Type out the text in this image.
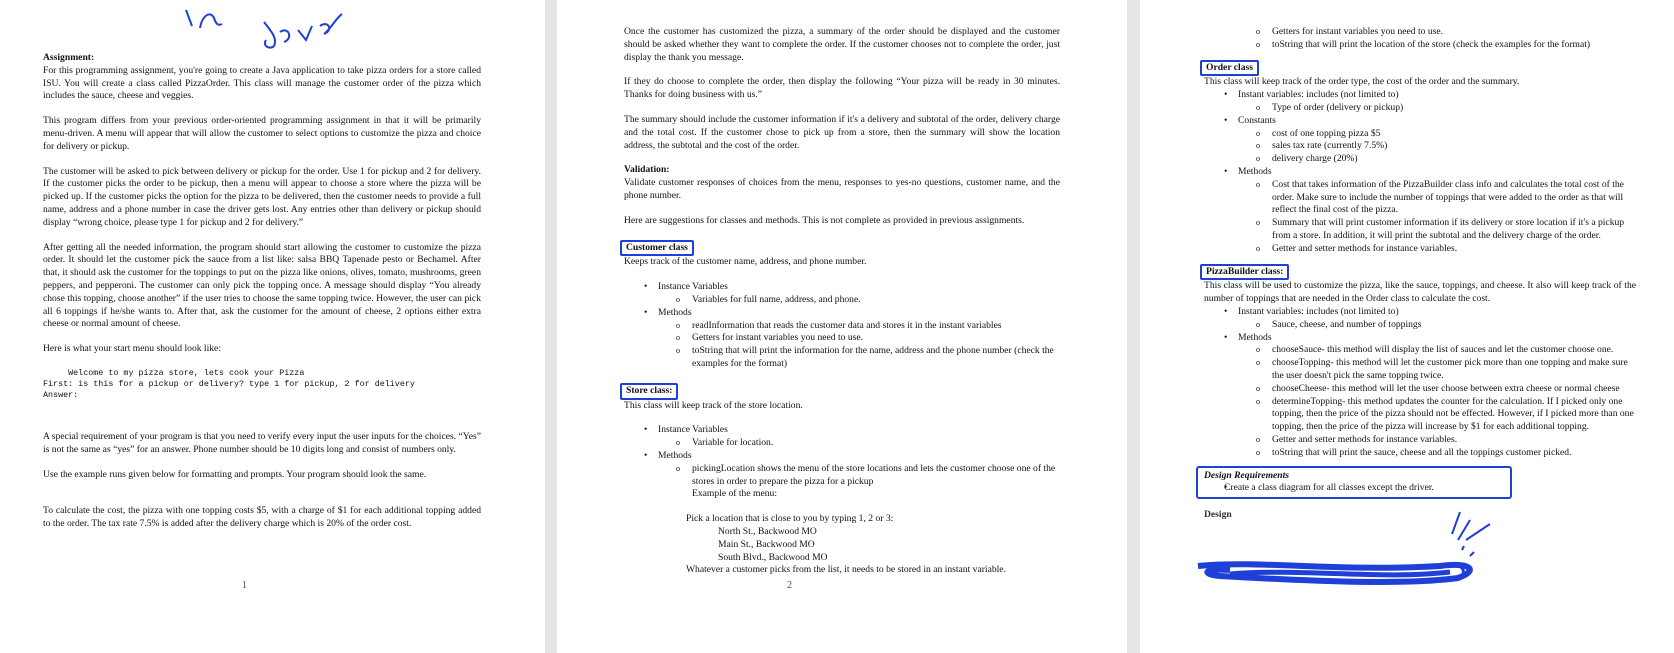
Assignment:

For this programming assignment, you're going to create a Java application to take pizza orders for a store called ISU. You will create a class called PizzaOrder. This class will manage the customer order of the pizza which includes the sauce, cheese and veggies.

This program differs from your previous order-oriented programming assignment in that it will be primarily menu-driven. A menu will appear that will allow the customer to select options to customize the pizza and choice for delivery or pickup.

The customer will be asked to pick between delivery or pickup for the order. Use 1 for pickup and 2 for delivery. If the customer picks the order to be pickup, then a menu will appear to choose a store where the pizza will be picked up. If the customer picks the option for the pizza to be delivered, then the customer needs to provide a full name, address and a phone number in case the driver gets lost. Any entries other than delivery or pickup should display “wrong choice, please type 1 for pickup and 2 for delivery.”

After getting all the needed information, the program should start allowing the customer to customize the pizza order. It should let the customer pick the sauce from a list like: salsa BBQ Tapenade pesto or Bechamel. After that, it should ask the customer for the toppings to put on the pizza like onions, olives, tomato, mushrooms, green peppers, and pepperoni. The customer can only pick the topping once. A message should display “You already chose this topping, choose another” if the user tries to choose the same topping twice. However, the user can pick all 6 toppings if he/she wants to. After that, ask the customer for the amount of cheese, 2 options either extra cheese or normal amount of cheese.

Here is what your start menu should look like:

Welcome to my pizza store, lets cook your Pizza
First: is this for a pickup or delivery? type 1 for pickup, 2 for delivery
Answer:

A special requirement of your program is that you need to verify every input the user inputs for the choices. “Yes” is not the same as “yes” for an answer. Phone number should be 10 digits long and consist of numbers only.

Use the example runs given below for formatting and prompts. Your program should look the same.

To calculate the cost, the pizza with one topping costs $5, with a charge of $1 for each additional topping added to the order. The tax rate 7.5% is added after the delivery charge which is 20% of the order cost.

1

Once the customer has customized the pizza, a summary of the order should be displayed and the customer should be asked whether they want to complete the order. If the customer chooses not to complete the order, just display the thank you message.

If they do choose to complete the order, then display the following “Your pizza will be ready in 30 minutes. Thanks for doing business with us.”

The summary should include the customer information if it's a delivery and subtotal of the order, delivery charge and the total cost. If the customer chose to pick up from a store, then the summary will show the location address, the subtotal and the cost of the order.

Validation:

Validate customer responses of choices from the menu, responses to yes-no questions, customer name, and the phone number.

Here are suggestions for classes and methods. This is not complete as provided in previous assignments.

Customer class

Keeps track of the customer name, address, and phone number.

• Instance Variables
o Variables for full name, address, and phone.
• Methods
o readInformation that reads the customer data and stores it in the instant variables
o Getters for instant variables you need to use.
o toString that will print the information for the name, address and the phone number (check the examples for the format)
Store class:

This class will keep track of the store location.

• Instance Variables
o Variable for location.
• Methods
o pickingLocation shows the menu of the store locations and lets the customer choose one of the stores in order to prepare the pizza for a pickup
Example of the menu:
Pick a location that is close to you by typing 1, 2 or 3:
North St., Backwood MO
Main St., Backwood MO
South Blvd., Backwood MO
Whatever a customer picks from the list, it needs to be stored in an instant variable.
2
o Getters for instant variables you need to use.
o toString that will print the location of the store (check the examples for the format)
Order class

This class will keep track of the order type, the cost of the order and the summary.

• Instant variables: includes (not limited to)
o Type of order (delivery or pickup)
• Constants
o cost of one topping pizza $5
o sales tax rate (currently 7.5%)
o delivery charge (20%)
• Methods
o Cost that takes information of the PizzaBuilder class info and calculates the total cost of the order. Make sure to include the number of toppings that were added to the order as that will reflect the final cost of the pizza.
o Summary that will print customer information if its delivery or store location if it's a pickup from a store. In addition, it will print the subtotal and the delivery charge of the order.
o Getter and setter methods for instance variables.
PizzaBuilder class:

This class will be used to customize the pizza, like the sauce, toppings, and cheese. It also will keep track of the number of toppings that are needed in the Order class to calculate the cost.

• Instant variables: includes (not limited to)
o Sauce, cheese, and number of toppings
• Methods
o chooseSauce- this method will display the list of sauces and let the customer choose one.
o chooseTopping- this method will let the customer pick more than one topping and make sure the user doesn't pick the same topping twice.
o chooseCheese- this method will let the user choose between extra cheese or normal cheese
o determineTopping- this method updates the counter for the calculation. If I picked only one topping, then the price of the pizza should not be effected. However, if I picked more than one topping, then the price of the pizza will increase by $1 for each additional topping.
o Getter and setter methods for instance variables.
o toString that will print the sauce, cheese and all the toppings customer picked.
Design Requirements
• Create a class diagram for all classes except the driver.
Design
